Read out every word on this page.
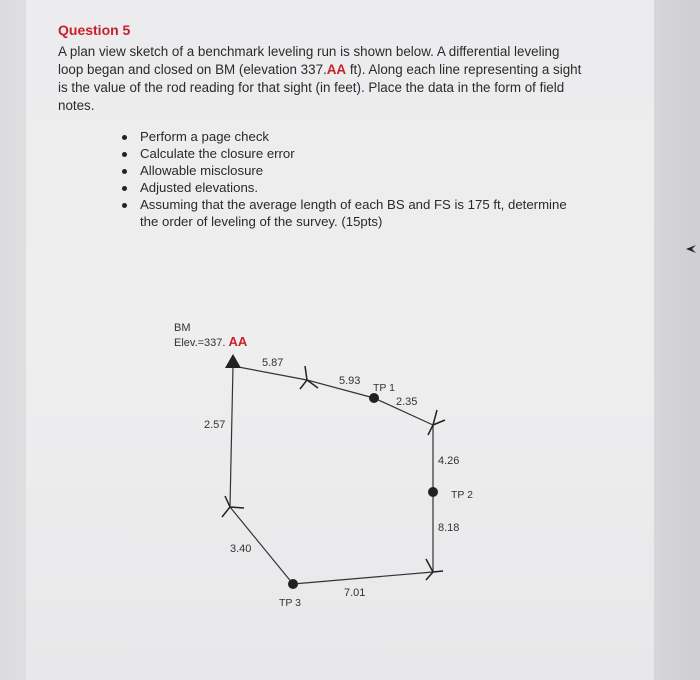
Question 5

A plan view sketch of a benchmark leveling run is shown below. A differential leveling loop began and closed on BM (elevation 337.AA ft). Along each line representing a sight is the value of the rod reading for that sight (in feet). Place the data in the form of field notes.

Perform a page check
Calculate the closure error
Allowable misclosure
Adjusted elevations.
Assuming that the average length of each BS and FS is 175 ft, determine the order of leveling of the survey. (15pts)
BM
Elev.=337. AA
TP 1
TP 2
TP 3
5.87
5.93
2.35
4.26
8.18
7.01
3.40
2.57
